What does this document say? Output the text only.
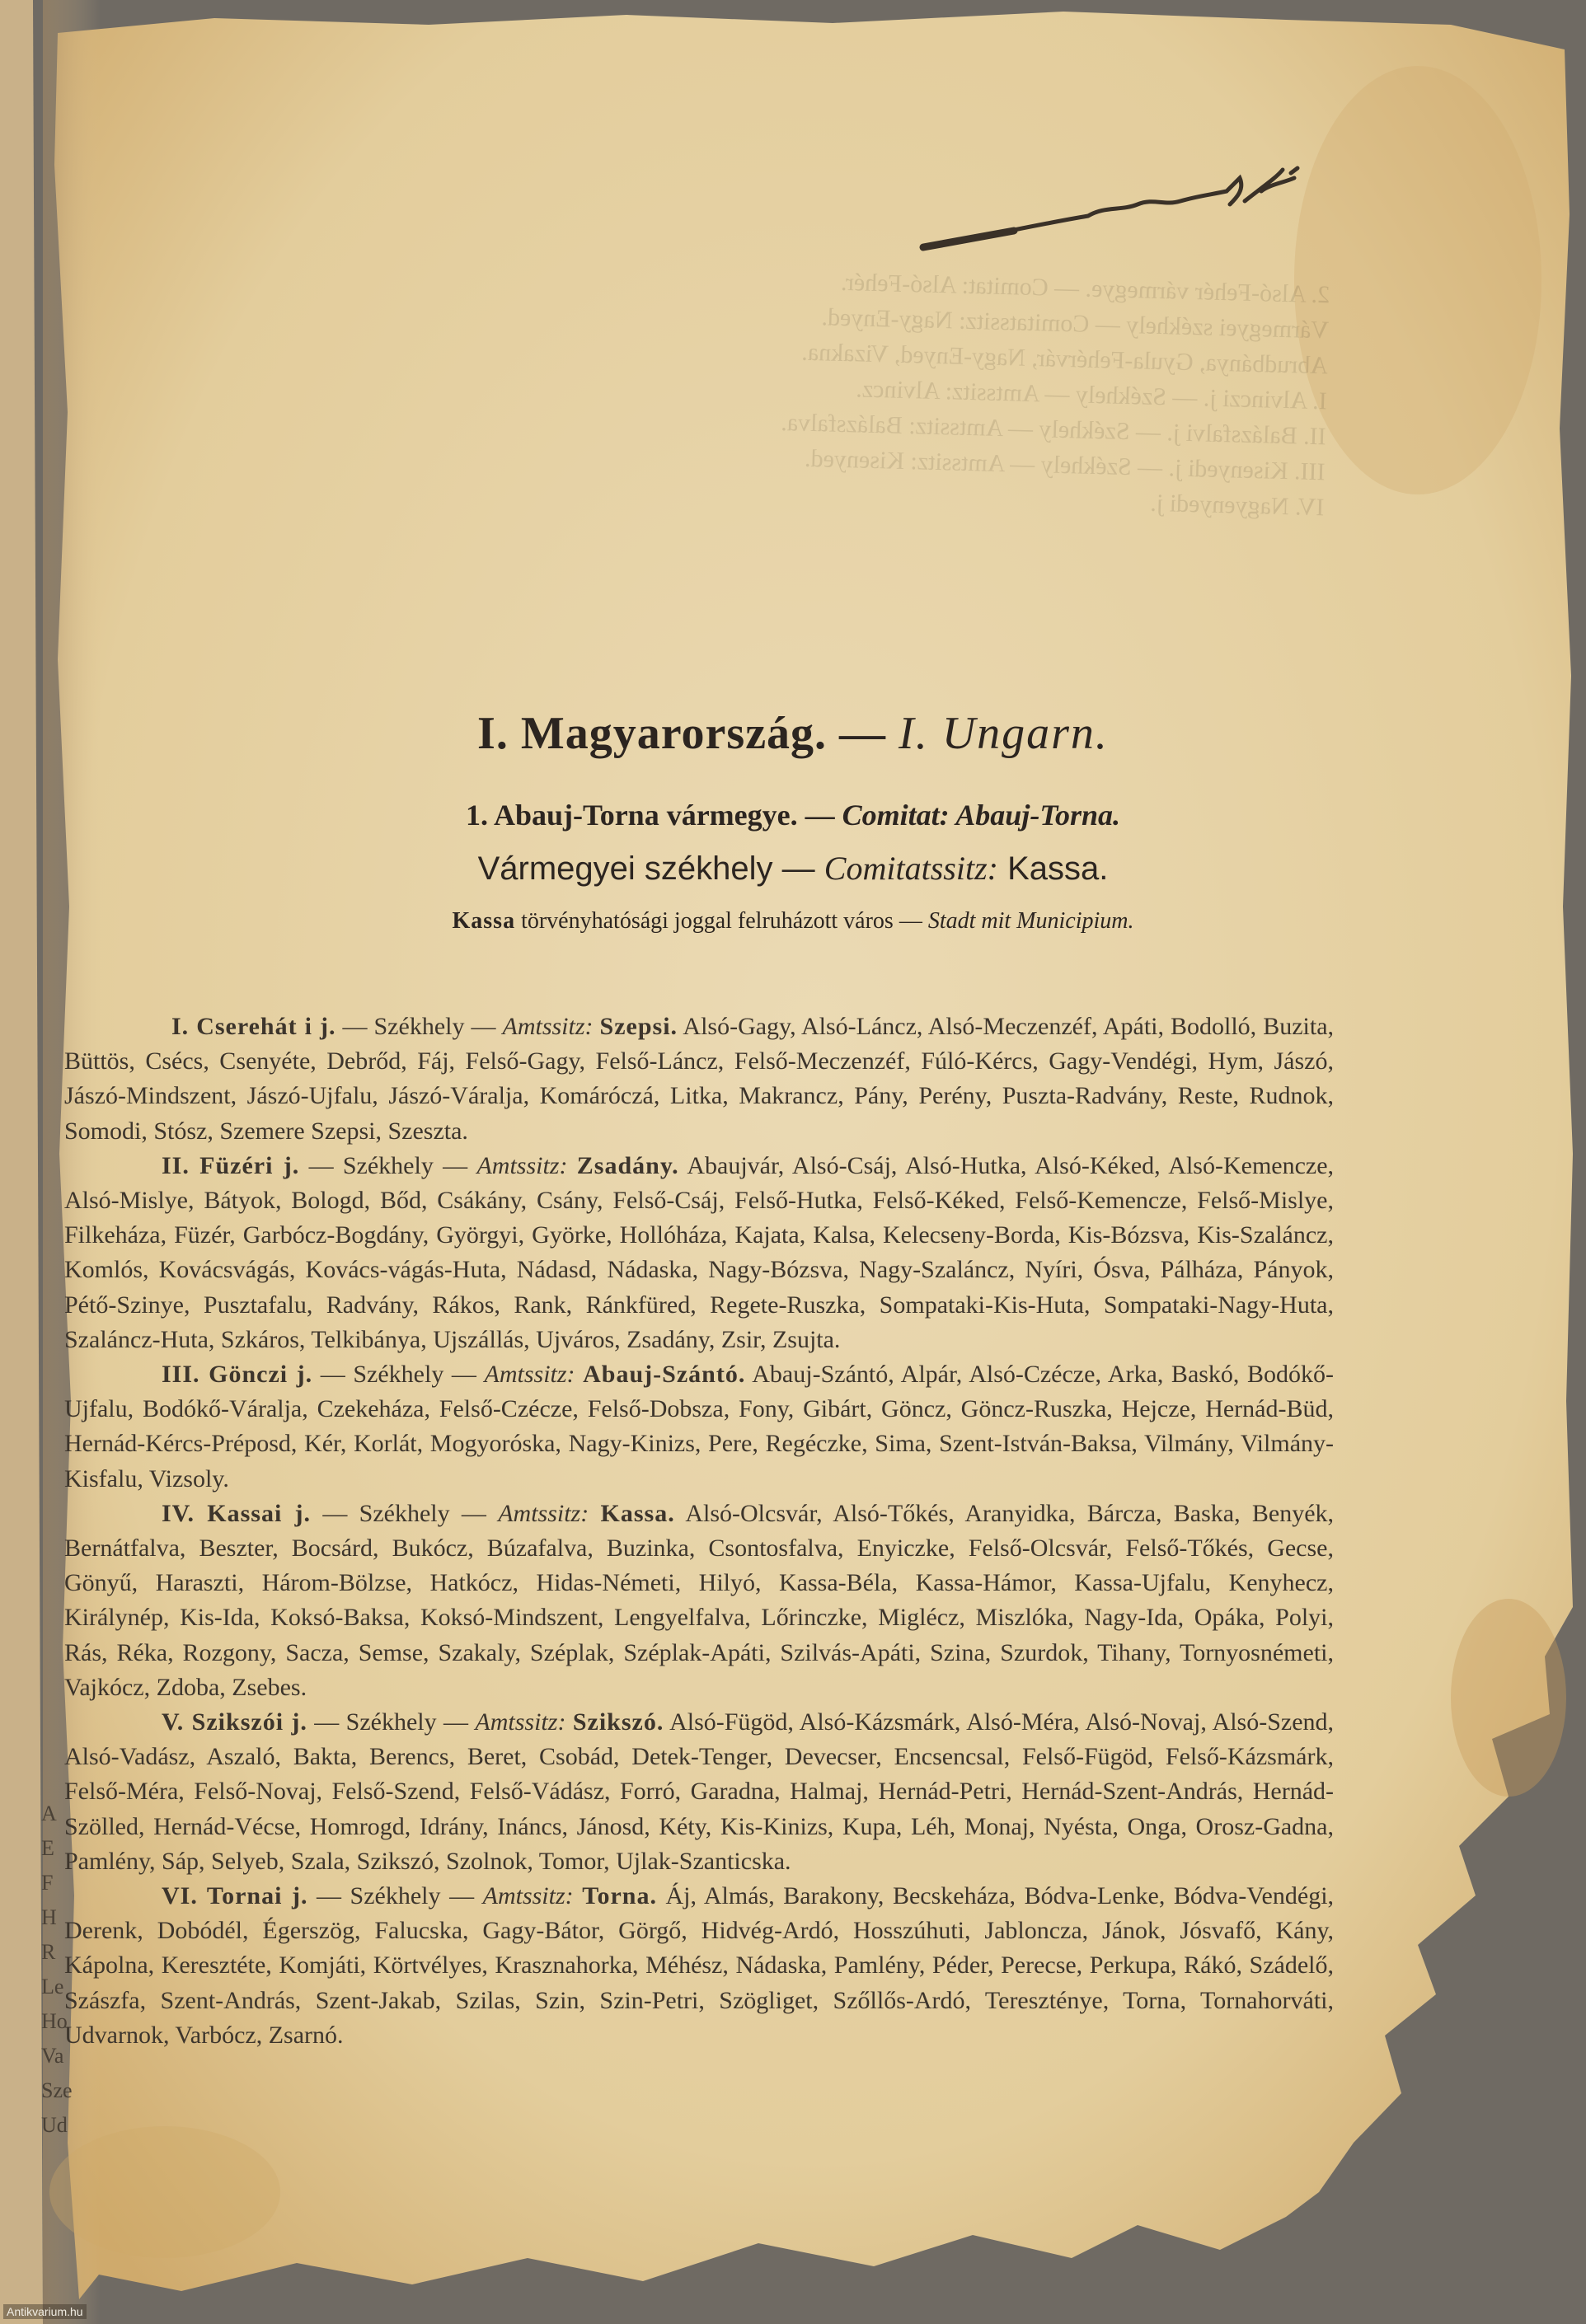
2. Alsó-Fehér vármegye. — Comitat: Alsó-Fehér.
Vármegyei székhely — Comitatssitz: Nagy-Enyed.
Abrudbánya, Gyula-Fehérvár, Nagy-Enyed, Vizakna.
I. Alvinczi j. — Székhely — Amtssitz: Alvincz.
II. Balázsfalvi j. — Székhely — Amtssitz: Balázsfalva.
III. Kisenyedi j. — Székhely — Amtssitz: Kisenyed.
IV. Nagyenyedi j.
I. Magyarország. — I. Ungarn.
1. Abauj-Torna vármegye. — Comitat: Abauj-Torna.
Vármegyei székhely — Comitatssitz: Kassa.
Kassa törvényhatósági joggal felruházott város — Stadt mit Municipium.

I. Cserehát i j. — Székhely — Amtssitz: Szepsi. Alsó-Gagy, Alsó-Láncz, Alsó-Meczenzéf, Apáti, Bodolló, Buzita, Büttös, Csécs, Csenyéte, Debrőd, Fáj, Felső-Gagy, Felső-Láncz, Felső-Meczenzéf, Fúló-Kércs, Gagy-Vendégi, Hym, Jászó, Jászó-Mindszent, Jászó-Ujfalu, Jászó-Váralja, Komáróczá, Litka, Makrancz, Pány, Perény, Puszta-Radvány, Reste, Rudnok, Somodi, Stósz, Szemere Szepsi, Szeszta.

II. Füzéri j. — Székhely — Amtssitz: Zsadány. Abaujvár, Alsó-Csáj, Alsó-Hutka, Alsó-Kéked, Alsó-Kemencze, Alsó-Mislye, Bátyok, Bologd, Bőd, Csákány, Csány, Felső-Csáj, Felső-Hutka, Felső-Kéked, Felső-Kemencze, Felső-Mislye, Filkeháza, Füzér, Garbócz-Bogdány, Györgyi, Györke, Hollóháza, Kajata, Kalsa, Kelecseny-Borda, Kis-Bózsva, Kis-Szaláncz, Komlós, Kovácsvágás, Kovács-vágás-Huta, Nádasd, Nádaska, Nagy-Bózsva, Nagy-Szaláncz, Nyíri, Ósva, Pálháza, Pányok, Pétő-Szinye, Pusztafalu, Radvány, Rákos, Rank, Ránkfüred, Regete-Ruszka, Sompataki-Kis-Huta, Sompataki-Nagy-Huta, Szaláncz-Huta, Szkáros, Telkibánya, Ujszállás, Ujváros, Zsadány, Zsir, Zsujta.

III. Gönczi j. — Székhely — Amtssitz: Abauj-Szántó. Abauj-Szántó, Alpár, Alsó-Czécze, Arka, Baskó, Bodókő-Ujfalu, Bodókő-Váralja, Czekeháza, Felső-Czécze, Felső-Dobsza, Fony, Gibárt, Göncz, Göncz-Ruszka, Hejcze, Hernád-Büd, Hernád-Kércs-Préposd, Kér, Korlát, Mogyoróska, Nagy-Kinizs, Pere, Regéczke, Sima, Szent-István-Baksa, Vilmány, Vilmány-Kisfalu, Vizsoly.

IV. Kassai j. — Székhely — Amtssitz: Kassa. Alsó-Olcsvár, Alsó-Tőkés, Aranyidka, Bárcza, Baska, Benyék, Bernátfalva, Beszter, Bocsárd, Bukócz, Búzafalva, Buzinka, Csontosfalva, Enyiczke, Felső-Olcsvár, Felső-Tőkés, Gecse, Gönyű, Haraszti, Három-Bölzse, Hatkócz, Hidas-Németi, Hilyó, Kassa-Béla, Kassa-Hámor, Kassa-Ujfalu, Kenyhecz, Királynép, Kis-Ida, Koksó-Baksa, Koksó-Mindszent, Lengyelfalva, Lőrinczke, Miglécz, Miszlóka, Nagy-Ida, Opáka, Polyi, Rás, Réka, Rozgony, Sacza, Semse, Szakaly, Széplak, Széplak-Apáti, Szilvás-Apáti, Szina, Szurdok, Tihany, Tornyosnémeti, Vajkócz, Zdoba, Zsebes.

V. Szikszói j. — Székhely — Amtssitz: Szikszó. Alsó-Fügöd, Alsó-Kázsmárk, Alsó-Méra, Alsó-Novaj, Alsó-Szend, Alsó-Vadász, Aszaló, Bakta, Berencs, Beret, Csobád, Detek-Tenger, Devecser, Encsencsal, Felső-Fügöd, Felső-Kázsmárk, Felső-Méra, Felső-Novaj, Felső-Szend, Felső-Vádász, Forró, Garadna, Halmaj, Hernád-Petri, Hernád-Szent-András, Hernád-Szölled, Hernád-Vécse, Homrogd, Idrány, Ináncs, Jánosd, Kéty, Kis-Kinizs, Kupa, Léh, Monaj, Nyésta, Onga, Orosz-Gadna, Pamlény, Sáp, Selyeb, Szala, Szikszó, Szolnok, Tomor, Ujlak-Szanticska.

VI. Tornai j. — Székhely — Amtssitz: Torna. Áj, Almás, Barakony, Becskeháza, Bódva-Lenke, Bódva-Vendégi, Derenk, Dobódél, Égerszög, Falucska, Gagy-Bátor, Görgő, Hidvég-Ardó, Hosszúhuti, Jabloncza, Jánok, Jósvafő, Kány, Kápolna, Keresztéte, Komjáti, Körtvélyes, Krasznahorka, Méhész, Nádaska, Pamlény, Péder, Perecse, Perkupa, Rákó, Szádelő, Szászfa, Szent-András, Szent-Jakab, Szilas, Szin, Szin-Petri, Szögliget, Szőllős-Ardó, Tereszténye, Torna, Tornahorváti, Udvarnok, Varbócz, Zsarnó.

A
E
F
H
R
Le
Ho
Va
Sze
Ud
Antikvarium.hu
